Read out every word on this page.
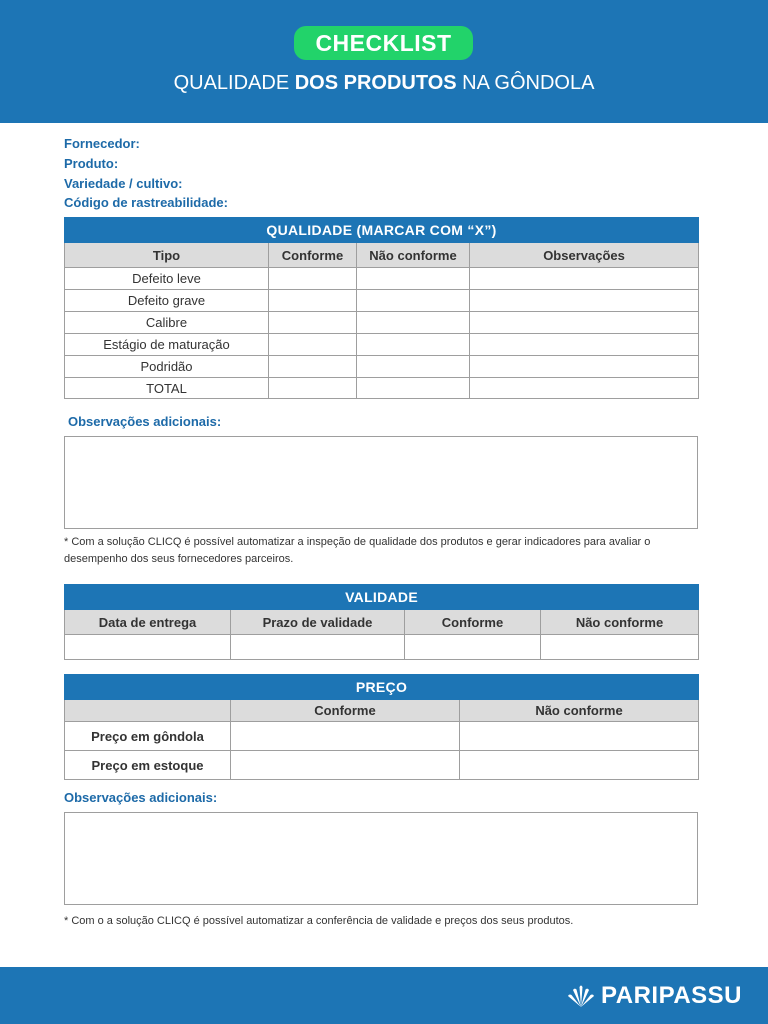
CHECKLIST
QUALIDADE DOS PRODUTOS NA GÔNDOLA
Fornecedor:
Produto:
Variedade / cultivo:
Código de rastreabilidade:
QUALIDADE (MARCAR COM “X”)			
Tipo	Conforme	Não conforme	Observações
Defeito leve			
Defeito grave			
Calibre			
Estágio de maturação			
Podridão			
TOTAL			
Observações adicionais:
* Com a solução CLICQ é possível automatizar a inspeção de qualidade dos produtos e gerar indicadores para avaliar o desempenho dos seus fornecedores parceiros.
VALIDADE			
Data de entrega	Prazo de validade	Conforme	Não conforme

PREÇO		
	Conforme	Não conforme
Preço em gôndola		
Preço em estoque		
Observações adicionais:
* Com o a solução CLICQ é possível automatizar a conferência de validade e preços dos seus produtos.
PARIPASSU
